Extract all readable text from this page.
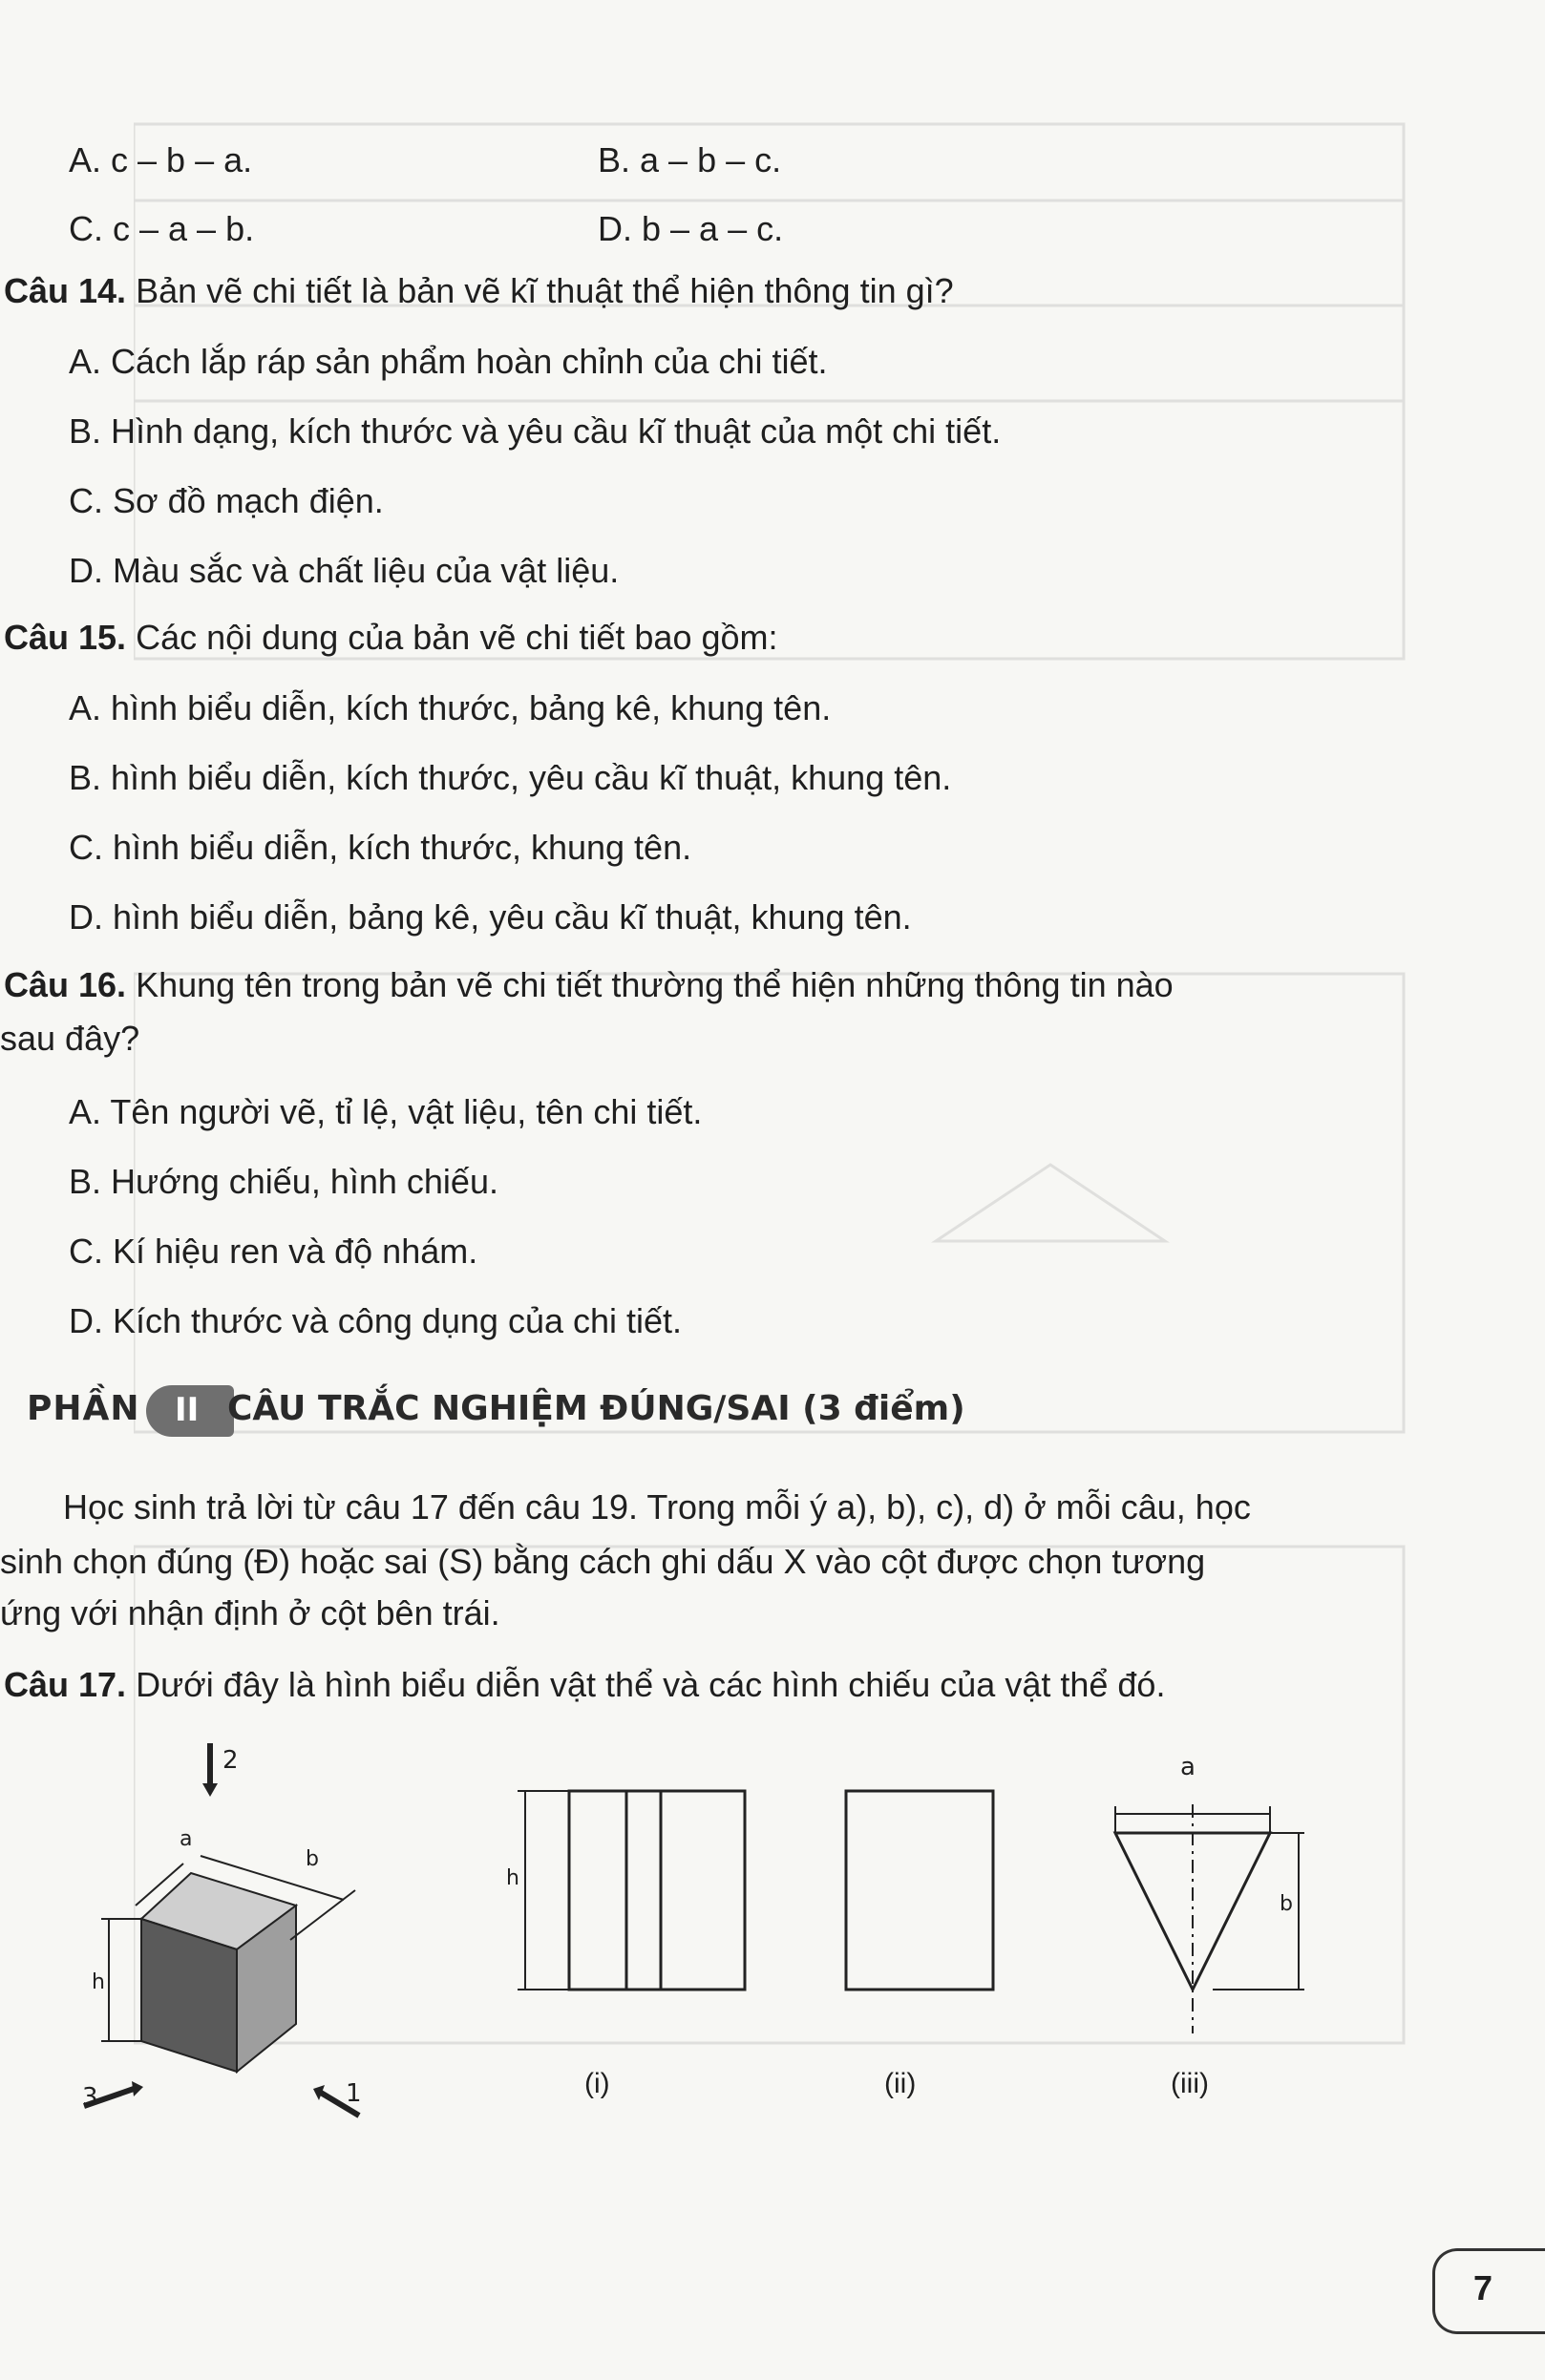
A. c – b – a.	B. a – b – c.
C. c – a – b.	D. b – a – c.
Câu 14. Bản vẽ chi tiết là bản vẽ kĩ thuật thể hiện thông tin gì?
A. Cách lắp ráp sản phẩm hoàn chỉnh của chi tiết.
B. Hình dạng, kích thước và yêu cầu kĩ thuật của một chi tiết.
C. Sơ đồ mạch điện.
D. Màu sắc và chất liệu của vật liệu.
Câu 15. Các nội dung của bản vẽ chi tiết bao gồm:
A. hình biểu diễn, kích thước, bảng kê, khung tên.
B. hình biểu diễn, kích thước, yêu cầu kĩ thuật, khung tên.
C. hình biểu diễn, kích thước, khung tên.
D. hình biểu diễn, bảng kê, yêu cầu kĩ thuật, khung tên.
Câu 16. Khung tên trong bản vẽ chi tiết thường thể hiện những thông tin nào
sau đây?
A. Tên người vẽ, tỉ lệ, vật liệu, tên chi tiết.
B. Hướng chiếu, hình chiếu.
C. Kí hiệu ren và độ nhám.
D. Kích thước và công dụng của chi tiết.
PHẦN II CÂU TRẮC NGHIỆM ĐÚNG/SAI (3 điểm)
Học sinh trả lời từ câu 17 đến câu 19. Trong mỗi ý a), b), c), d) ở mỗi câu, học
sinh chọn đúng (Đ) hoặc sai (S) bằng cách ghi dấu X vào cột được chọn tương
ứng với nhận định ở cột bên trái.
Câu 17. Dưới đây là hình biểu diễn vật thể và các hình chiếu của vật thể đó.
2
a
b
h
3	1
h
(i)	(ii)
a
b
(iii)
7
